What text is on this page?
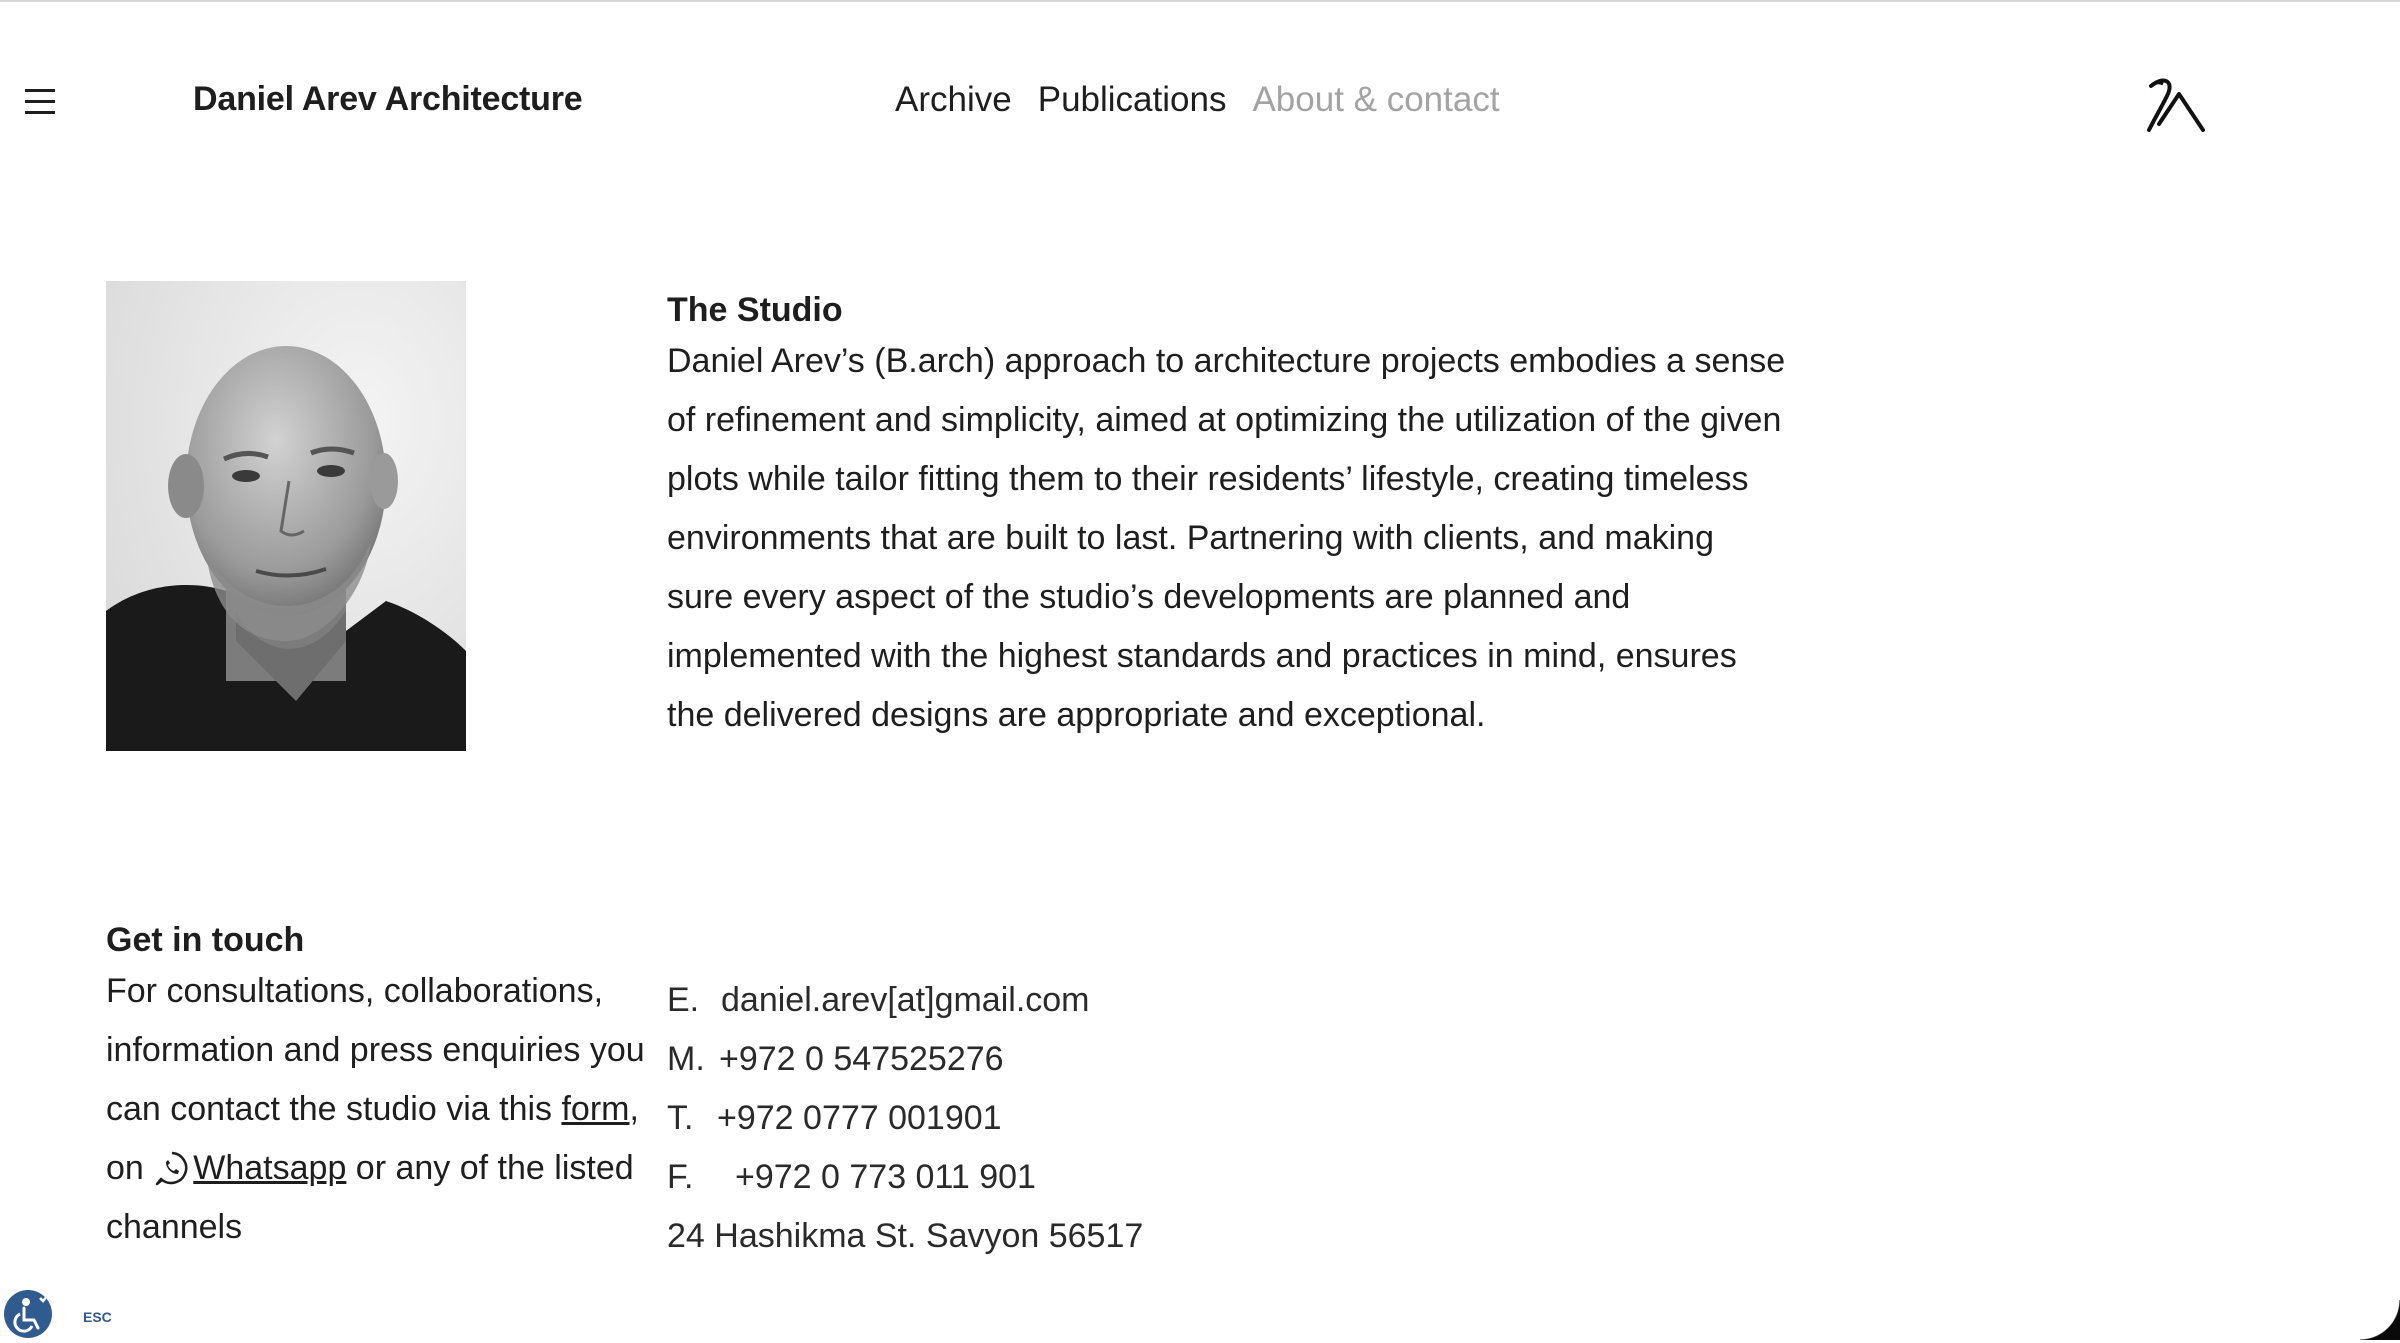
Daniel Arev Architecture	Archive Publications About & contact
The Studio

Daniel Arev’s (B.arch) approach to architecture projects embodies a sense of refinement and simplicity, aimed at optimizing the utilization of the given plots while tailor fitting them to their residents’ lifestyle, creating timeless environments that are built to last. Partnering with clients, and making sure every aspect of the studio’s developments are planned and implemented with the highest standards and practices in mind, ensures the delivered designs are appropriate and exceptional.

Get in touch

For consultations, collaborations, information and press enquiries you can contact the studio via this form, on Whatsapp or any of the listed channels

E. daniel.arev[at]gmail.com
M. +972 0 547525276
T. +972 0777 001901
F. +972 0 773 011 901
24 Hashikma St. Savyon 56517
ESC
